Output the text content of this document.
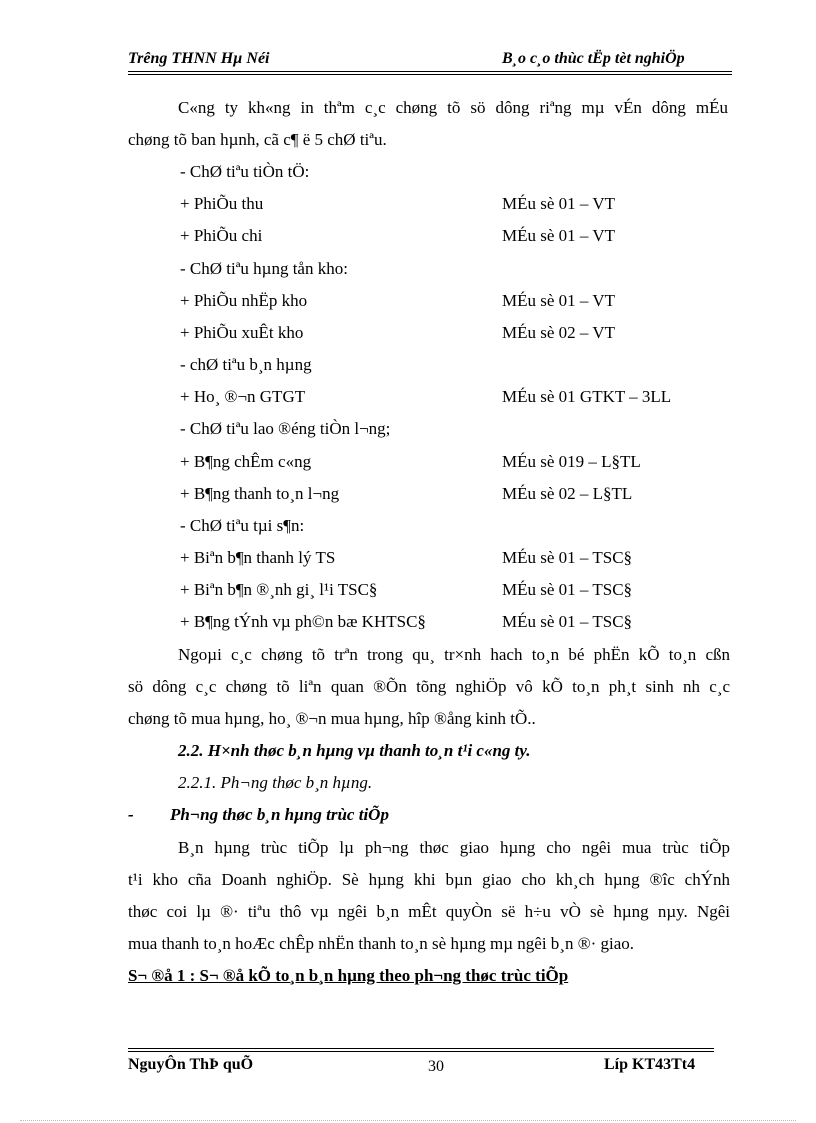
Trêng THNN Hµ Néi	B¸o c¸o thùc tËp tèt nghiÖp
C«ng ty kh«ng in thªm c¸c chøng tõ sö dông riªng mµ vÉn dông mÉu
chøng tõ ban hµnh, cã c¶ ë 5 chØ tiªu.
- ChØ tiªu tiÒn tÖ:
+ PhiÕu thu	MÉu sè 01 – VT
+ PhiÕu chi	MÉu sè 01 – VT
- ChØ tiªu hµng tån kho:
+ PhiÕu nhËp kho	MÉu sè 01 – VT
+ PhiÕu xuÊt kho	MÉu sè 02 – VT
- chØ tiªu b¸n hµng
+ Ho¸ ®¬n GTGT	MÉu sè 01 GTKT – 3LL
- ChØ tiªu lao ®éng tiÒn l¬ng;
+ B¶ng chÊm c«ng	MÉu sè 019 – L§TL
+ B¶ng thanh to¸n l¬ng	MÉu sè 02 – L§TL
- ChØ tiªu tµi s¶n:
+ Biªn b¶n thanh lý TS	MÉu sè 01 – TSC§
+ Biªn b¶n ®¸nh gi¸ l¹i TSC§	MÉu sè 01 – TSC§
+ B¶ng tÝnh vµ ph©n bæ KHTSC§	MÉu sè 01 – TSC§
Ngoµi c¸c chøng tõ trªn trong qu¸ tr×nh hach to¸n bé phËn kÕ to¸n cßn
sö dông c¸c chøng tõ liªn quan ®Õn tõng nghiÖp vô kÕ to¸n ph¸t sinh nh c¸c
chøng tõ mua hµng, ho¸ ®¬n mua hµng, hîp ®ång kinh tÕ..
2.2. H×nh thøc b¸n hµng vµ thanh to¸n t¹i c«ng ty.
2.2.1. Ph¬ng thøc b¸n hµng.
- Ph¬ng thøc b¸n hµng trùc tiÕp
B¸n hµng trùc tiÕp lµ ph¬ng thøc giao hµng cho ngêi mua trùc tiÕp
t¹i kho cña Doanh nghiÖp. Sè hµng khi bµn giao cho kh¸ch hµng ®îc chÝnh
thøc coi lµ ®· tiªu thô vµ ngêi b¸n mÊt quyÒn së h÷u vÒ sè hµng nµy. Ngêi
mua thanh to¸n hoÆc chÊp nhËn thanh to¸n sè hµng mµ ngêi b¸n ®· giao.
S¬ ®å 1 : S¬ ®å kÕ to¸n b¸n hµng theo ph¬ng thøc trùc tiÕp
NguyÔn ThÞ quÕ	30	Líp KT43Tt4
